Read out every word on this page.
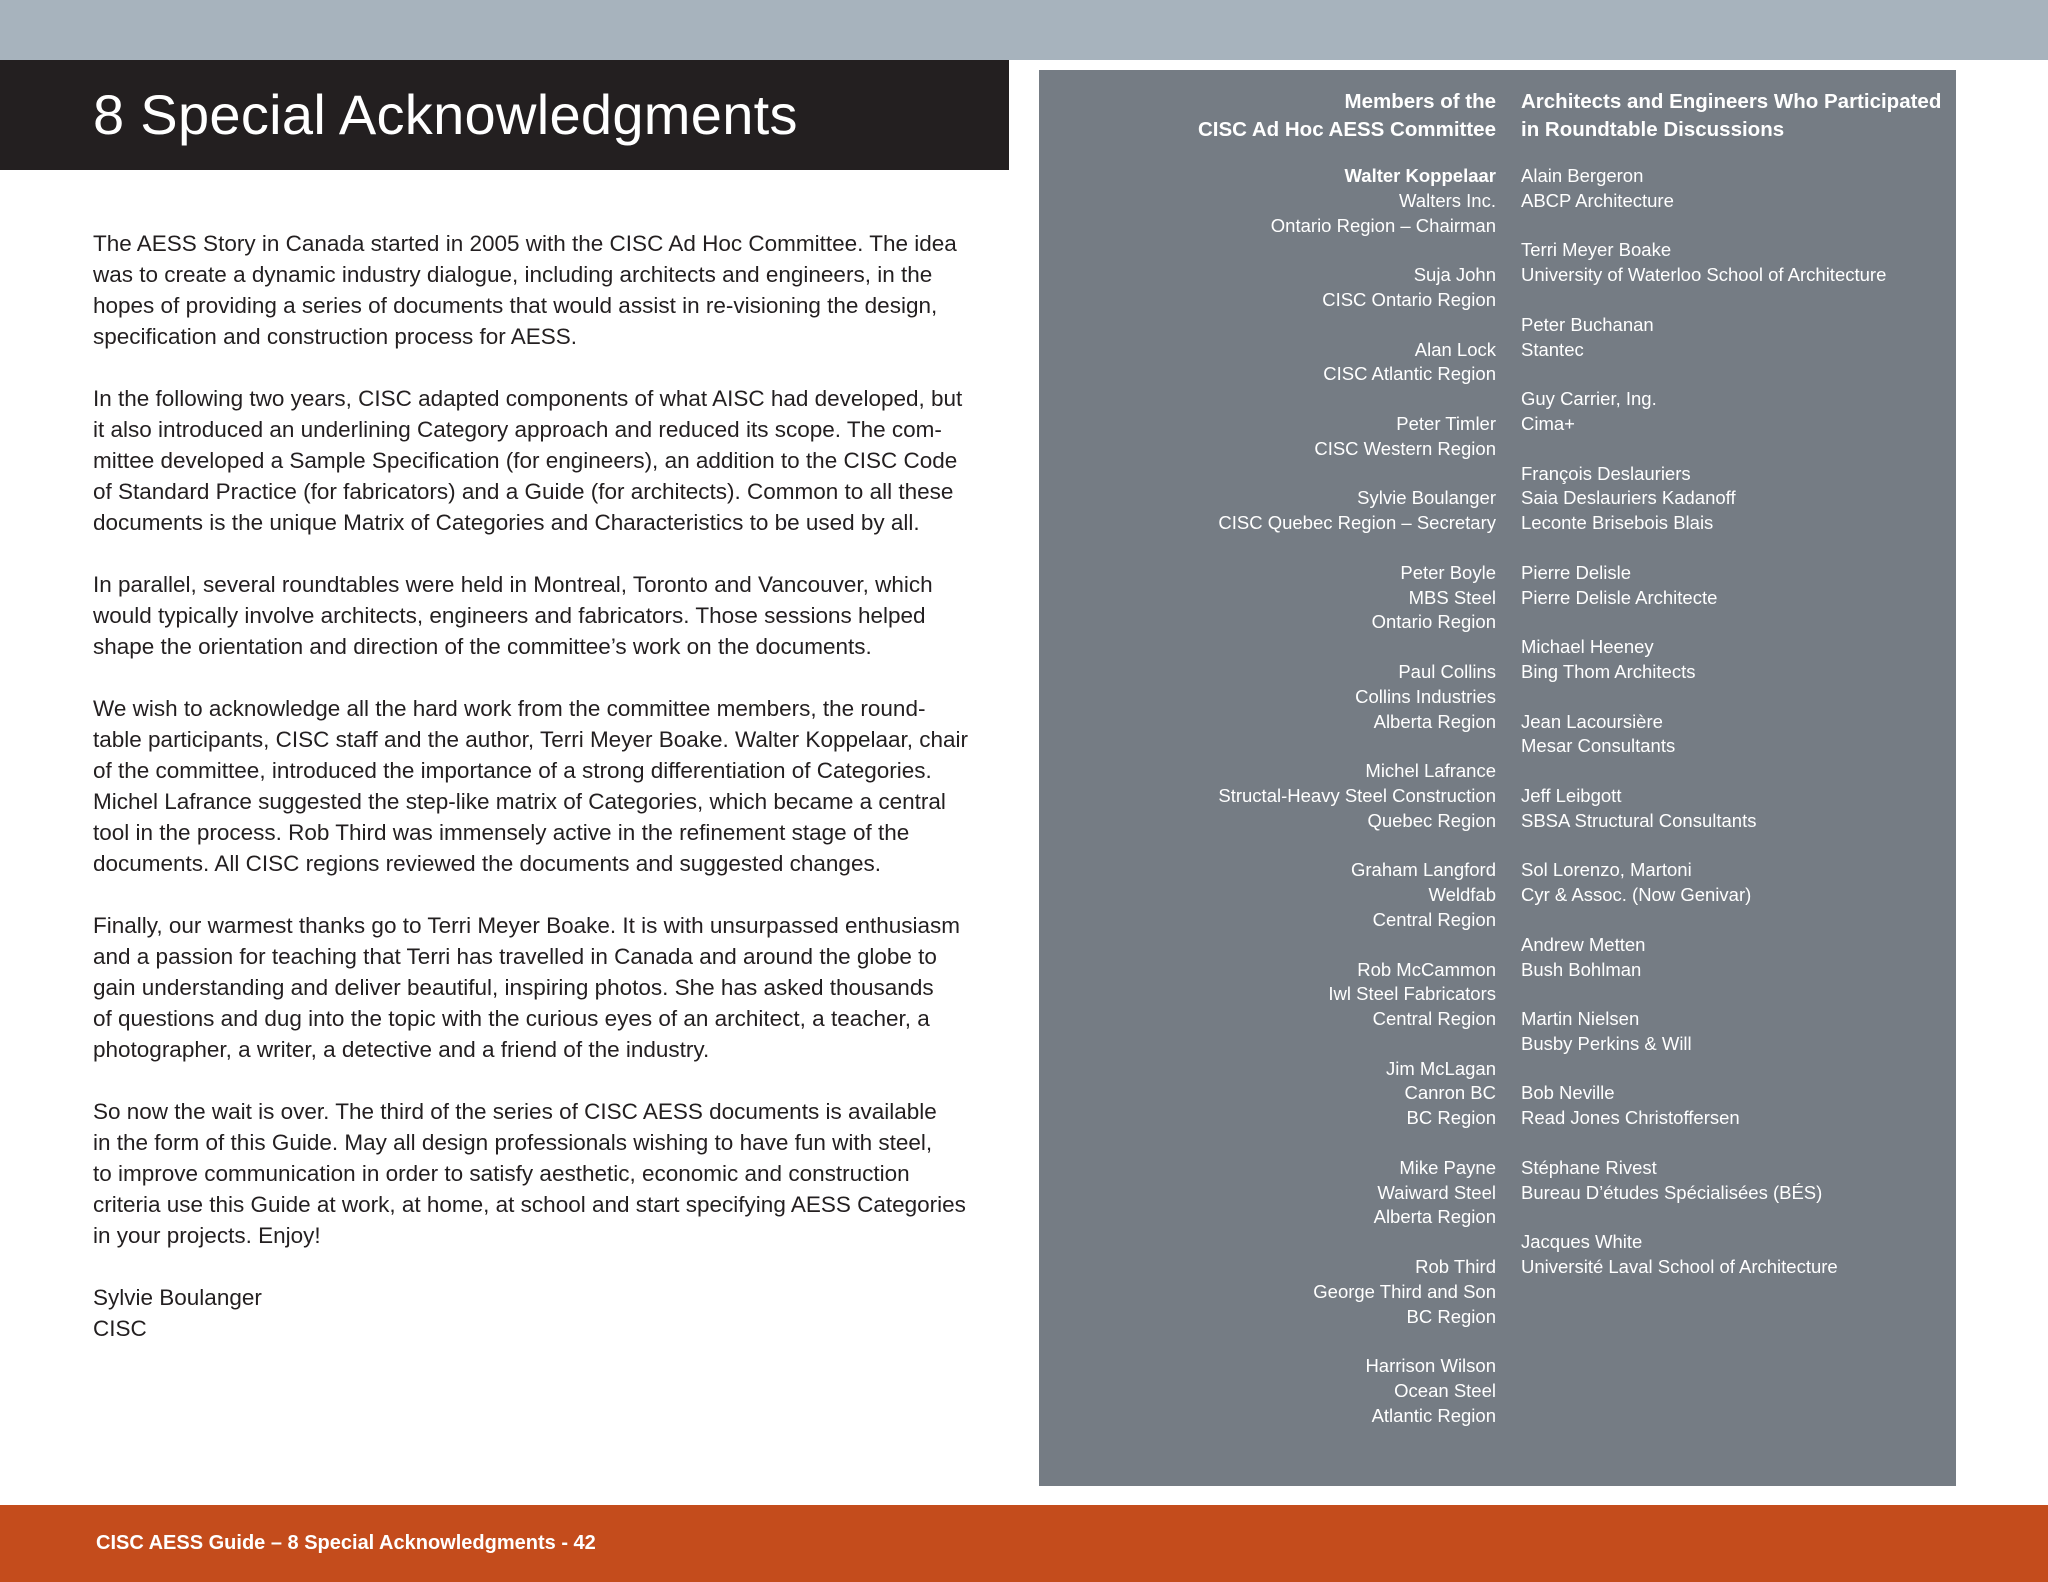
8 Special Acknowledgments

The AESS Story in Canada started in 2005 with the CISC Ad Hoc Committee. The idea
was to create a dynamic industry dialogue, including architects and engineers, in the
hopes of providing a series of documents that would assist in re-visioning the design,
specification and construction process for AESS.

In the following two years, CISC adapted components of what AISC had developed, but
it also introduced an underlining Category approach and reduced its scope. The com-
mittee developed a Sample Specification (for engineers), an addition to the CISC Code
of Standard Practice (for fabricators) and a Guide (for architects). Common to all these
documents is the unique Matrix of Categories and Characteristics to be used by all.

In parallel, several roundtables were held in Montreal, Toronto and Vancouver, which
would typically involve architects, engineers and fabricators. Those sessions helped
shape the orientation and direction of the committee’s work on the documents.

We wish to acknowledge all the hard work from the committee members, the round-
table participants, CISC staff and the author, Terri Meyer Boake. Walter Koppelaar, chair
of the committee, introduced the importance of a strong differentiation of Categories.
Michel Lafrance suggested the step-like matrix of Categories, which became a central
tool in the process. Rob Third was immensely active in the refinement stage of the
documents. All CISC regions reviewed the documents and suggested changes.

Finally, our warmest thanks go to Terri Meyer Boake. It is with unsurpassed enthusiasm
and a passion for teaching that Terri has travelled in Canada and around the globe to
gain understanding and deliver beautiful, inspiring photos. She has asked thousands
of questions and dug into the topic with the curious eyes of an architect, a teacher, a
photographer, a writer, a detective and a friend of the industry.

So now the wait is over. The third of the series of CISC AESS documents is available
in the form of this Guide. May all design professionals wishing to have fun with steel,
to improve communication in order to satisfy aesthetic, economic and construction
criteria use this Guide at work, at home, at school and start specifying AESS Categories
in your projects. Enjoy!

Sylvie Boulanger
CISC
Members of the
CISC Ad Hoc AESS Committee
Walter Koppelaar
Walters Inc.
Ontario Region – Chairman
Suja John
CISC Ontario Region
Alan Lock
CISC Atlantic Region
Peter Timler
CISC Western Region
Sylvie Boulanger
CISC Quebec Region – Secretary
Peter Boyle
MBS Steel
Ontario Region
Paul Collins
Collins Industries
Alberta Region
Michel Lafrance
Structal-Heavy Steel Construction
Quebec Region
Graham Langford
Weldfab
Central Region
Rob McCammon
Iwl Steel Fabricators
Central Region
Jim McLagan
Canron BC
BC Region
Mike Payne
Waiward Steel
Alberta Region
Rob Third
George Third and Son
BC Region
Harrison Wilson
Ocean Steel
Atlantic Region
Architects and Engineers Who Participated
in Roundtable Discussions
Alain Bergeron
ABCP Architecture
Terri Meyer Boake
University of Waterloo School of Architecture
Peter Buchanan
Stantec
Guy Carrier, Ing.
Cima+
François Deslauriers
Saia Deslauriers Kadanoff
Leconte Brisebois Blais
Pierre Delisle
Pierre Delisle Architecte
Michael Heeney
Bing Thom Architects
Jean Lacoursière
Mesar Consultants
Jeff Leibgott
SBSA Structural Consultants
Sol Lorenzo, Martoni
Cyr & Assoc. (Now Genivar)
Andrew Metten
Bush Bohlman
Martin Nielsen
Busby Perkins & Will
Bob Neville
Read Jones Christoffersen
Stéphane Rivest
Bureau D’études Spécialisées (BÉS)
Jacques White
Université Laval School of Architecture
CISC AESS Guide – 8 Special Acknowledgments - 42
